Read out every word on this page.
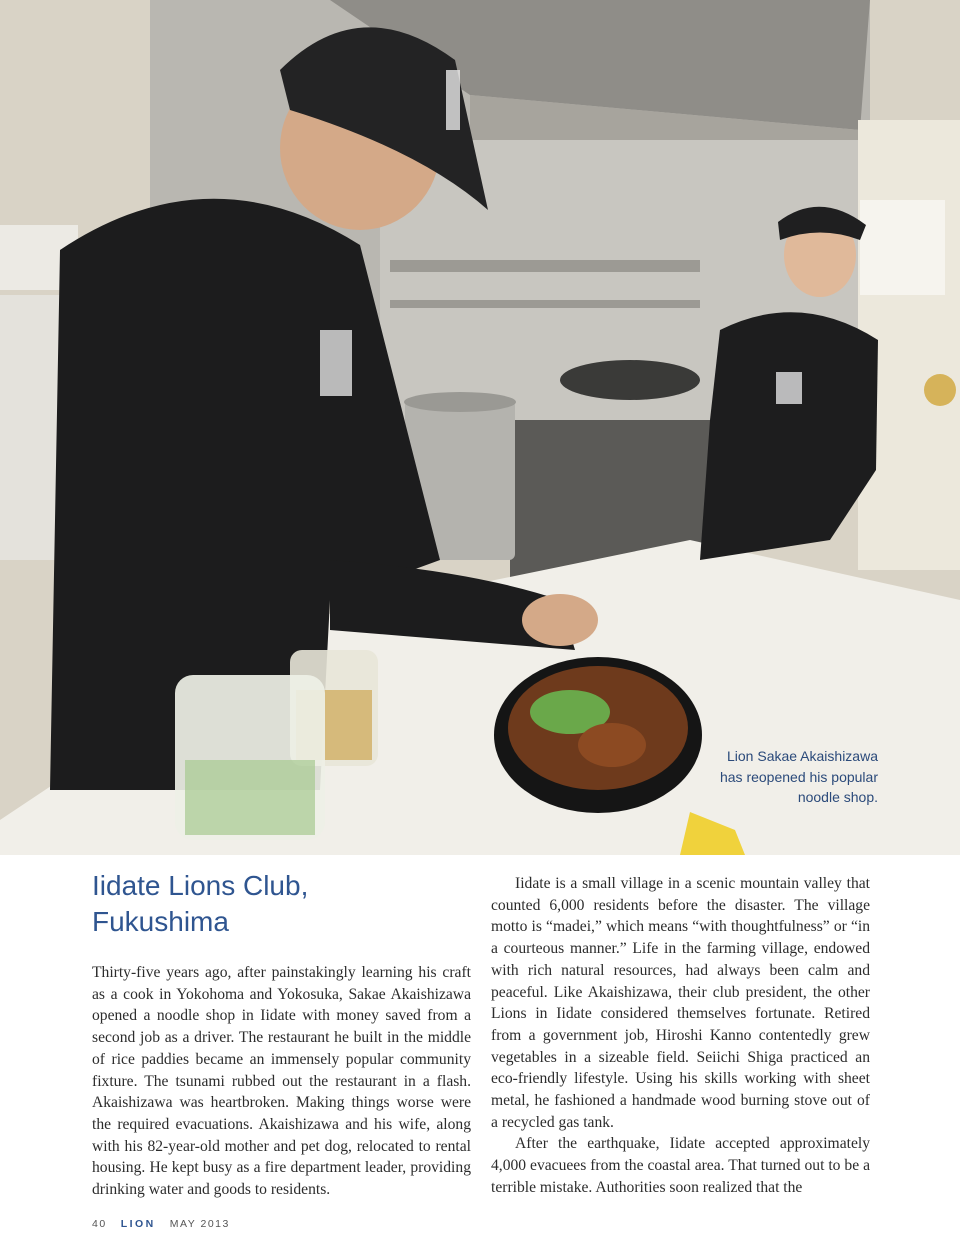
Lion Sakae Akaishizawa
has reopened his popular
noodle shop.
Iidate Lions Club,
Fukushima

Thirty-five years ago, after painstakingly learning his craft as a cook in Yokohoma and Yokosuka, Sakae Akaishizawa opened a noodle shop in Iidate with money saved from a second job as a driver. The restaurant he built in the middle of rice paddies became an immensely popular community fixture. The tsunami rubbed out the restaurant in a flash. Akaishizawa was heartbroken. Making things worse were the required evacuations. Akaishizawa and his wife, along with his 82-year-old mother and pet dog, relocated to rental housing. He kept busy as a fire department leader, providing drinking water and goods to residents.

Iidate is a small village in a scenic mountain valley that counted 6,000 residents before the disaster. The village motto is “madei,” which means “with thoughtfulness” or “in a courteous manner.” Life in the farming village, endowed with rich natural resources, had always been calm and peaceful. Like Akaishizawa, their club president, the other Lions in Iidate considered themselves fortunate. Retired from a government job, Hiroshi Kanno contentedly grew vegetables in a sizeable field. Seiichi Shiga practiced an eco-friendly lifestyle. Using his skills working with sheet metal, he fashioned a handmade wood burning stove out of a recycled gas tank.

After the earthquake, Iidate accepted approximately 4,000 evacuees from the coastal area. That turned out to be a terrible mistake. Authorities soon realized that the

40 LION MAY 2013
